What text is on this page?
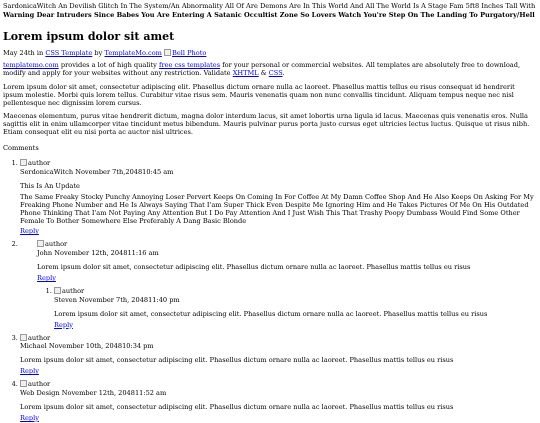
SardonicaWitch An Devilish Glitch In The System/An Abnormality All Of Are Demons Are In This World And All The World Is A Stage Fam 5ft8 Inches Tall With
Warning Dear Intruders Since Babes You Are Entering A Satanic Occultist Zone So Lovers Watch You're Step On The Landing To Purgatory/Hell
Lorem ipsum dolor sit amet
May 24th in CSS Template by TemplateMo.com Bell Photo

templatemo.com provides a lot of high quality free css templates for your personal or commercial websites. All templates are absolutely free to download, modify and apply for your websites without any restriction. Validate XHTML & CSS.

Lorem ipsum dolor sit amet, consectetur adipiscing elit. Phasellus dictum ornare nulla ac laoreet. Phasellus mattis tellus eu risus consequat id hendrerit ipsum molestie. Morbi quis lorem tellus. Curabitur vitae risus sem. Mauris venenatis quam non nunc convallis tincidunt. Aliquam tempus neque nec nisl pellentesque nec dignissim lorem cursus.

Maecenas elementum, purus vitae hendrerit dictum, magna dolor interdum lacus, sit amet lobortis urna ligula id lacus. Maecenas quis venenatis eros. Nulla sagittis elit in enim ullamcorper vitae tincidunt metus bibendum. Mauris pulvinar purus porta justo cursus eget ultricies lectus luctus. Quisque ut risus nibh. Etiam consequat elit eu nisi porta ac auctor nisl ultrices.

Comments
1. author
SerdonicaWitch November 7th,204810:45 am

This Is An Update

The Same Freaky Stocky Punchy Annoying Loser Pervert Keeps On Coming In For Coffee At My Damn Coffee Shop And He Also Keeps On Asking For My Freaking Phone Number and He Is Always Saying That I'am Super Thick Even Despite Me Ignoring Him and He Takes Pictures Of Me On His Outdated Phone Thinking That I'am Not Paying Any Attention But I Do Pay Attention And I Just Wish This That Trashy Poopy Dumbass Would Find Some Other Female To Bother Somewhere Else Preferably A Dang Basic Blonde

Reply
2. author
John November 12th, 204811:16 am

Lorem ipsum dolor sit amet, consectetur adipiscing elit. Phasellus dictum ornare nulla ac laoreet. Phasellus mattis tellus eu risus

Reply
1. author
Steven November 7th, 204811:40 pm

Lorem ipsum dolor sit amet, consectetur adipiscing elit. Phasellus dictum ornare nulla ac laoreet. Phasellus mattis tellus eu risus

Reply
3. author
Michael November 10th, 204810:34 pm

Lorem ipsum dolor sit amet, consectetur adipiscing elit. Phasellus dictum ornare nulla ac laoreet. Phasellus mattis tellus eu risus

Reply
4. author
Web Design November 12th, 204811:52 am

Lorem ipsum dolor sit amet, consectetur adipiscing elit. Phasellus dictum ornare nulla ac laoreet. Phasellus mattis tellus eu risus

Reply
